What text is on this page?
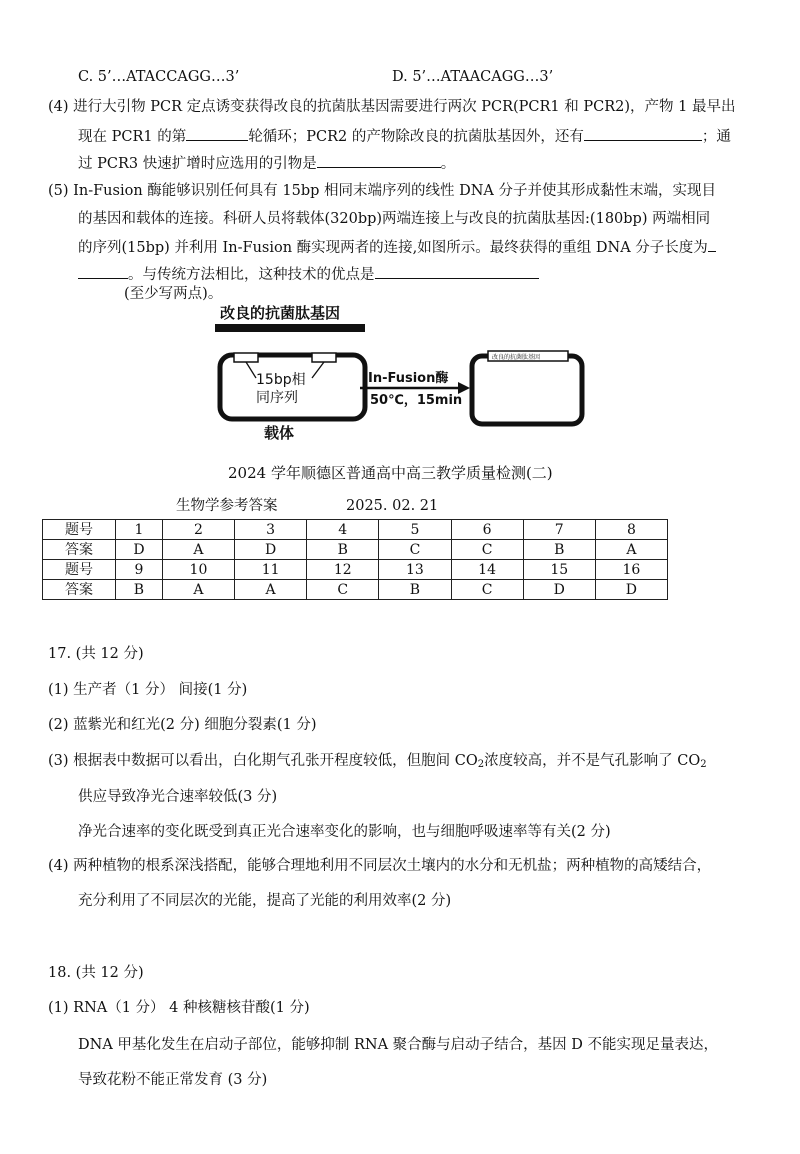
C. 5’…ATACCAGG…3’	D. 5’…ATAACAGG…3’
(4) 进行大引物 PCR 定点诱变获得改良的抗菌肽基因需要进行两次 PCR(PCR1 和 PCR2)，产物 1 最早出
现在 PCR1 的第	轮循环；PCR2 的产物除改良的抗菌肽基因外，还有	；通
过 PCR3 快速扩增时应选用的引物是	。
(5) In-Fusion 酶能够识别任何具有 15bp 相同末端序列的线性 DNA 分子并使其形成黏性末端，实现目
的基因和载体的连接。科研人员将载体(320bp)两端连接上与改良的抗菌肽基因:(180bp) 两端相同
的序列(15bp) 并利用 In-Fusion 酶实现两者的连接,如图所示。最终获得的重组 DNA 分子长度为
。与传统方法相比，这种技术的优点是
(至少写两点)。
改良的抗菌肽基因
15bp相
同序列
载体
In-Fusion酶
50℃，15min
改良的抗菌肽基因
2024 学年顺德区普通高中高三教学质量检测(二)
生物学参考答案	2025. 02. 21
题号	1	2	3	4	5	6	7	8
答案	D	A	D	B	C	C	B	A
题号	9	10	11	12	13	14	15	16
答案	B	A	A	C	B	C	D	D
17. (共 12 分)
(1) 生产者（1 分） 间接(1 分)
(2) 蓝紫光和红光(2 分) 细胞分裂素(1 分)
(3) 根据表中数据可以看出，白化期气孔张开程度较低，但胞间 $CO_2$浓度较高，并不是气孔影响了 $CO_2$
供应导致净光合速率较低(3 分)
净光合速率的变化既受到真正光合速率变化的影响，也与细胞呼吸速率等有关(2 分)
(4) 两种植物的根系深浅搭配，能够合理地利用不同层次土壤内的水分和无机盐；两种植物的高矮结合，
充分利用了不同层次的光能，提高了光能的利用效率(2 分)
18. (共 12 分)
(1) RNA（1 分） 4 种核糖核苷酸(1 分)
DNA 甲基化发生在启动子部位，能够抑制 RNA 聚合酶与启动子结合，基因 D 不能实现足量表达，
导致花粉不能正常发育 (3 分)
